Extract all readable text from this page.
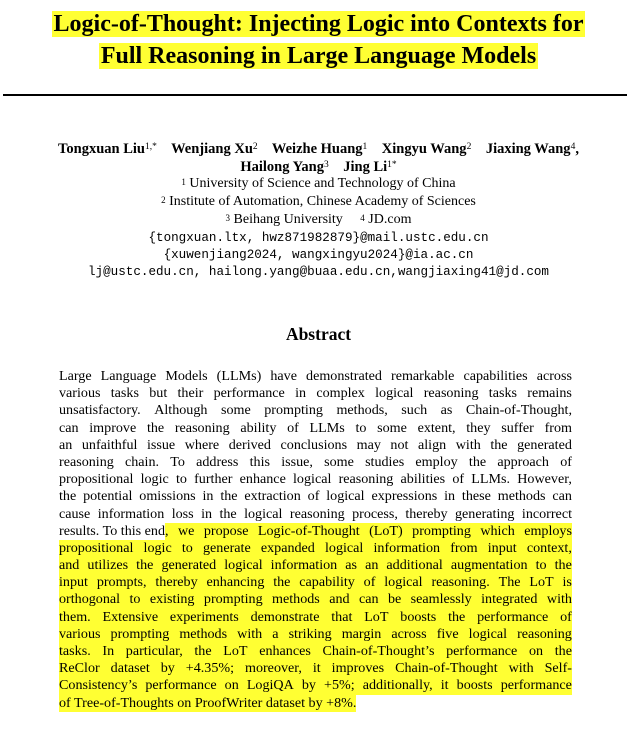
Logic-of-Thought: Injecting Logic into Contexts for
Full Reasoning in Large Language Models
Tongxuan Liu$^{1,*}$ Wenjiang Xu$^2$ Weizhe Huang$^1$ Xingyu Wang$^2$ Jiaxing Wang$^4$,
Hailong Yang$^3$ Jing $Li^{1*}$
$^1$ University of Science and Technology of China
$^2$ Institute of Automation, Chinese Academy of Sciences
$^3$ Beihang University $^4$ JD.com
{tongxuan.ltx, hwz871982879}@mail.ustc.edu.cn
{xuwenjiang2024, wangxingyu2024}@ia.ac.cn
lj@ustc.edu.cn, hailong.yang@buaa.edu.cn,wangjiaxing41@jd.com
Abstract
Large Language Models (LLMs) have demonstrated remarkable capabilities across
various tasks but their performance in complex logical reasoning tasks remains
unsatisfactory. Although some prompting methods, such as Chain-of-Thought,
can improve the reasoning ability of LLMs to some extent, they suffer from
an unfaithful issue where derived conclusions may not align with the generated
reasoning chain. To address this issue, some studies employ the approach of
propositional logic to further enhance logical reasoning abilities of LLMs. However,
the potential omissions in the extraction of logical expressions in these methods can
cause information loss in the logical reasoning process, thereby generating incorrect
results. To this end , we propose Logic-of-Thought (LoT) prompting which employs
propositional logic to generate expanded logical information from input context,
and utilizes the generated logical information as an additional augmentation to the
input prompts, thereby enhancing the capability of logical reasoning. The LoT is
orthogonal to existing prompting methods and can be seamlessly integrated with
them. Extensive experiments demonstrate that LoT boosts the performance of
various prompting methods with a striking margin across five logical reasoning
tasks. In particular, the LoT enhances Chain-of-Thought’s performance on the
ReClor dataset by +4.35%; moreover, it improves Chain-of-Thought with Self-
Consistency’s performance on LogiQA by +5%; additionally, it boosts performance
of Tree-of-Thoughts on ProofWriter dataset by +8%.
